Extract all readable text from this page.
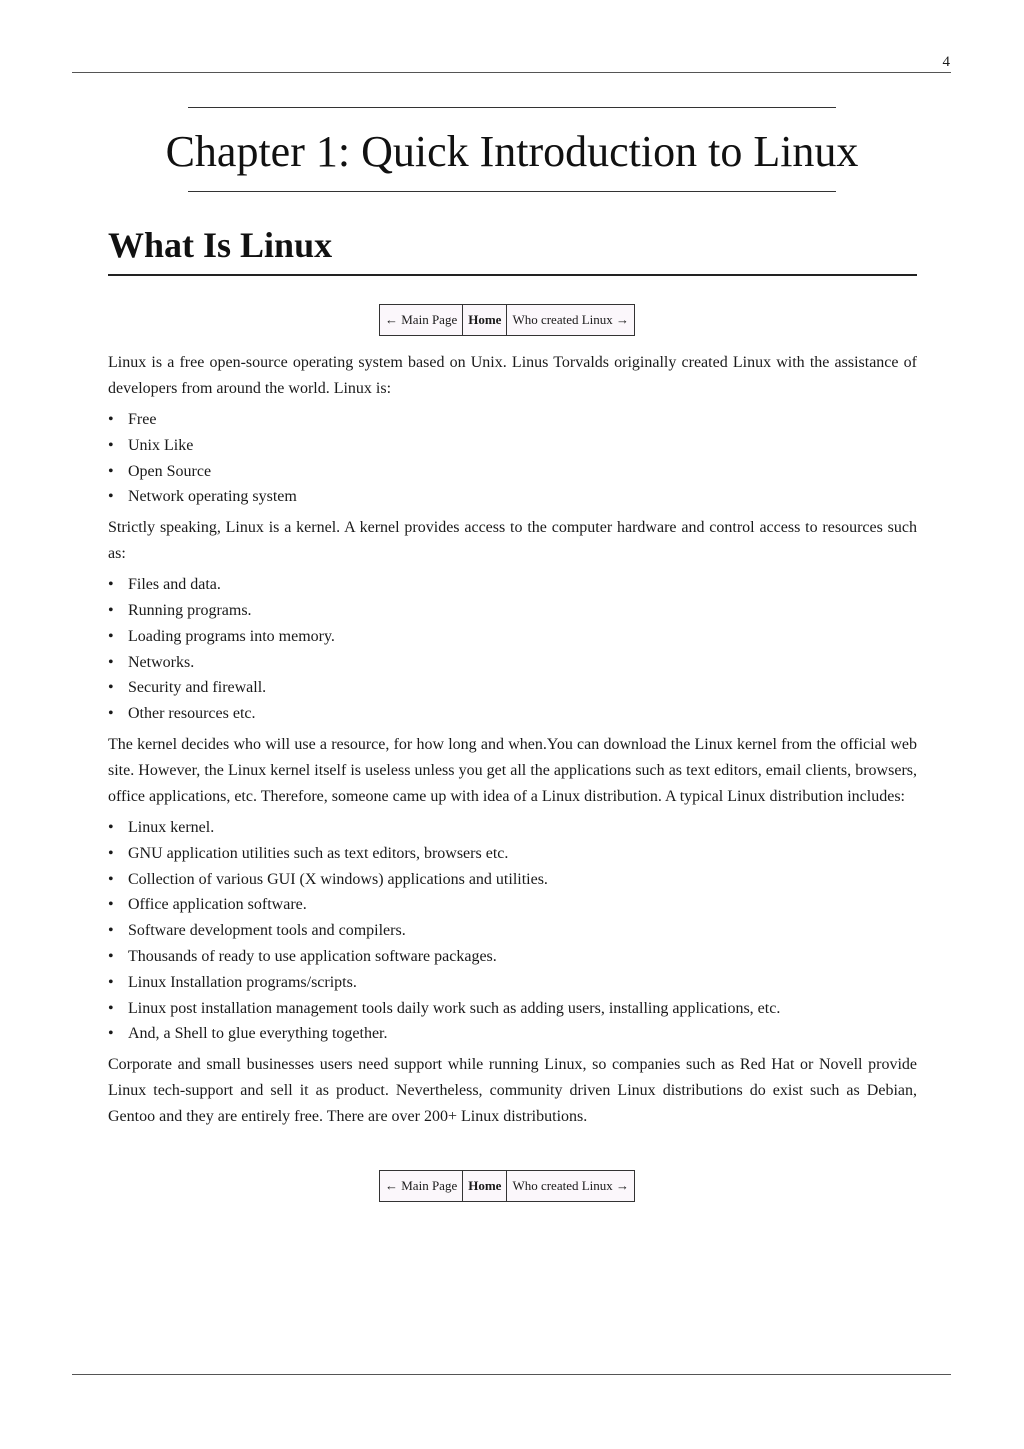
4
Chapter 1: Quick Introduction to Linux
What Is Linux
← Main Page Home Who created Linux →

Linux is a free open-source operating system based on Unix. Linus Torvalds originally created Linux with the assistance of developers from around the world. Linux is:

• Free
• Unix Like
• Open Source
• Network operating system

Strictly speaking, Linux is a kernel. A kernel provides access to the computer hardware and control access to resources such as:

• Files and data.
• Running programs.
• Loading programs into memory.
• Networks.
• Security and firewall.
• Other resources etc.

The kernel decides who will use a resource, for how long and when.You can download the Linux kernel from the official web site. However, the Linux kernel itself is useless unless you get all the applications such as text editors, email clients, browsers, office applications, etc. Therefore, someone came up with idea of a Linux distribution. A typical Linux distribution includes:

• Linux kernel.
• GNU application utilities such as text editors, browsers etc.
• Collection of various GUI (X windows) applications and utilities.
• Office application software.
• Software development tools and compilers.
• Thousands of ready to use application software packages.
• Linux Installation programs/scripts.
• Linux post installation management tools daily work such as adding users, installing applications, etc.
• And, a Shell to glue everything together.

Corporate and small businesses users need support while running Linux, so companies such as Red Hat or Novell provide Linux tech-support and sell it as product. Nevertheless, community driven Linux distributions do exist such as Debian, Gentoo and they are entirely free. There are over 200+ Linux distributions.

← Main Page Home Who created Linux →
